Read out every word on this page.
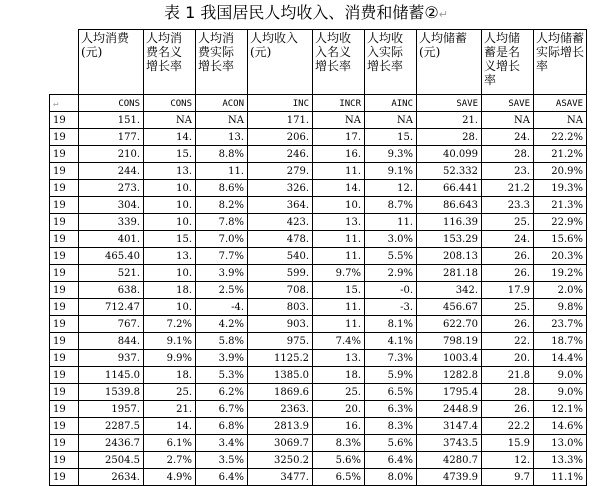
表 1 我国居民人均收入、消费和储蓄②↵
	人均消费(元)	人均消费名义增长率	人均消费实际增长率	人均收入(元)	人均收入名义增长率	人均收入实际增长率	人均储蓄(元)	人均储蓄是名义增长率	人均储蓄实际增长率
↵	CONS	CONS	ACON	INC	INCR	AINC	SAVE	SAVE	ASAVE
19	151.	NA	NA	171.	NA	NA	21.	NA	NA
19	177.	14.	13.	206.	17.	15.	28.	24.	22.2%
19	210.	15.	8.8%	246.	16.	9.3%	40.099	28.	21.2%
19	244.	13.	11.	279.	11.	9.1%	52.332	23.	20.9%
19	273.	10.	8.6%	326.	14.	12.	66.441	21.2	19.3%
19	304.	10.	8.2%	364.	10.	8.7%	86.643	23.3	21.3%
19	339.	10.	7.8%	423.	13.	11.	116.39	25.	22.9%
19	401.	15.	7.0%	478.	11.	3.0%	153.29	24.	15.6%
19	465.40	13.	7.7%	540.	11.	5.5%	208.13	26.	20.3%
19	521.	10.	3.9%	599.	9.7%	2.9%	281.18	26.	19.2%
19	638.	18.	2.5%	708.	15.	-0.	342.	17.9	2.0%
19	712.47	10.	-4.	803.	11.	-3.	456.67	25.	9.8%
19	767.	7.2%	4.2%	903.	11.	8.1%	622.70	26.	23.7%
19	844.	9.1%	5.8%	975.	7.4%	4.1%	798.19	22.	18.7%
19	937.	9.9%	3.9%	1125.2	13.	7.3%	1003.4	20.	14.4%
19	1145.0	18.	5.3%	1385.0	18.	5.9%	1282.8	21.8	9.0%
19	1539.8	25.	6.2%	1869.6	25.	6.5%	1795.4	28.	9.0%
19	1957.	21.	6.7%	2363.	20.	6.3%	2448.9	26.	12.1%
19	2287.5	14.	6.8%	2813.9	16.	8.3%	3147.4	22.2	14.6%
19	2436.7	6.1%	3.4%	3069.7	8.3%	5.6%	3743.5	15.9	13.0%
19	2504.5	2.7%	3.5%	3250.2	5.6%	6.4%	4280.7	12.	13.3%
19	2634.	4.9%	6.4%	3477.	6.5%	8.0%	4739.9	9.7	11.1%
